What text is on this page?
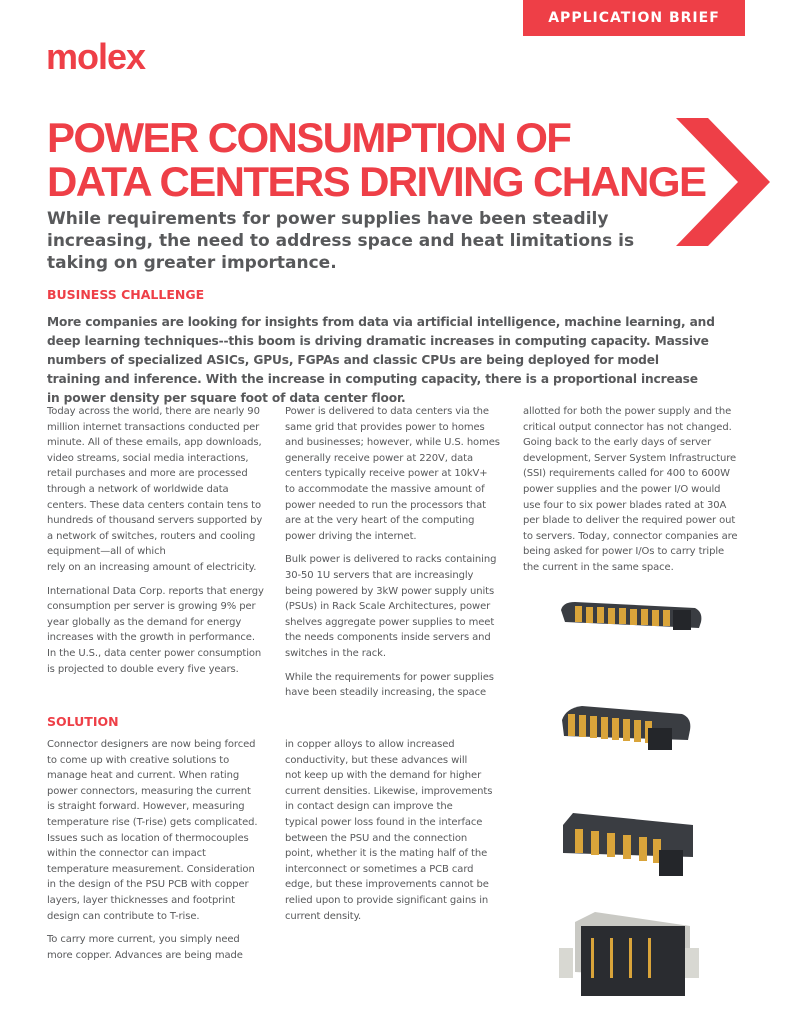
APPLICATION BRIEF
molex
POWER CONSUMPTION OF
DATA CENTERS DRIVING CHANGE
While requirements for power supplies have been steadily
increasing, the need to address space and heat limitations is
taking on greater importance.
BUSINESS CHALLENGE
More companies are looking for insights from data via artificial intelligence, machine learning, and
deep learning techniques--this boom is driving dramatic increases in computing capacity. Massive
numbers of specialized ASICs, GPUs, FGPAs and classic CPUs are being deployed for model
training and inference. With the increase in computing capacity, there is a proportional increase
in power density per square foot of data center floor.

Today across the world, there are nearly 90
million internet transactions conducted per
minute. All of these emails, app downloads,
video streams, social media interactions,
retail purchases and more are processed
through a network of worldwide data
centers. These data centers contain tens to
hundreds of thousand servers supported by
a network of switches, routers and cooling
equipment—all of which
rely on an increasing amount of electricity.

International Data Corp. reports that energy
consumption per server is growing 9% per
year globally as the demand for energy
increases with the growth in performance.
In the U.S., data center power consumption
is projected to double every five years.

Power is delivered to data centers via the
same grid that provides power to homes
and businesses; however, while U.S. homes
generally receive power at 220V, data
centers typically receive power at 10kV+
to accommodate the massive amount of
power needed to run the processors that
are at the very heart of the computing
power driving the internet.

Bulk power is delivered to racks containing
30-50 1U servers that are increasingly
being powered by 3kW power supply units
(PSUs) in Rack Scale Architectures, power
shelves aggregate power supplies to meet
the needs components inside servers and
switches in the rack.

While the requirements for power supplies
have been steadily increasing, the space

allotted for both the power supply and the
critical output connector has not changed.
Going back to the early days of server
development, Server System Infrastructure
(SSI) requirements called for 400 to 600W
power supplies and the power I/O would
use four to six power blades rated at 30A
per blade to deliver the required power out
to servers. Today, connector companies are
being asked for power I/Os to carry triple
the current in the same space.

SOLUTION

Connector designers are now being forced
to come up with creative solutions to
manage heat and current. When rating
power connectors, measuring the current
is straight forward. However, measuring
temperature rise (T-rise) gets complicated.
Issues such as location of thermocouples
within the connector can impact
temperature measurement. Consideration
in the design of the PSU PCB with copper
layers, layer thicknesses and footprint
design can contribute to T-rise.

To carry more current, you simply need
more copper. Advances are being made

in copper alloys to allow increased
conductivity, but these advances will
not keep up with the demand for higher
current densities. Likewise, improvements
in contact design can improve the
typical power loss found in the interface
between the PSU and the connection
point, whether it is the mating half of the
interconnect or sometimes a PCB card
edge, but these improvements cannot be
relied upon to provide significant gains in
current density.
